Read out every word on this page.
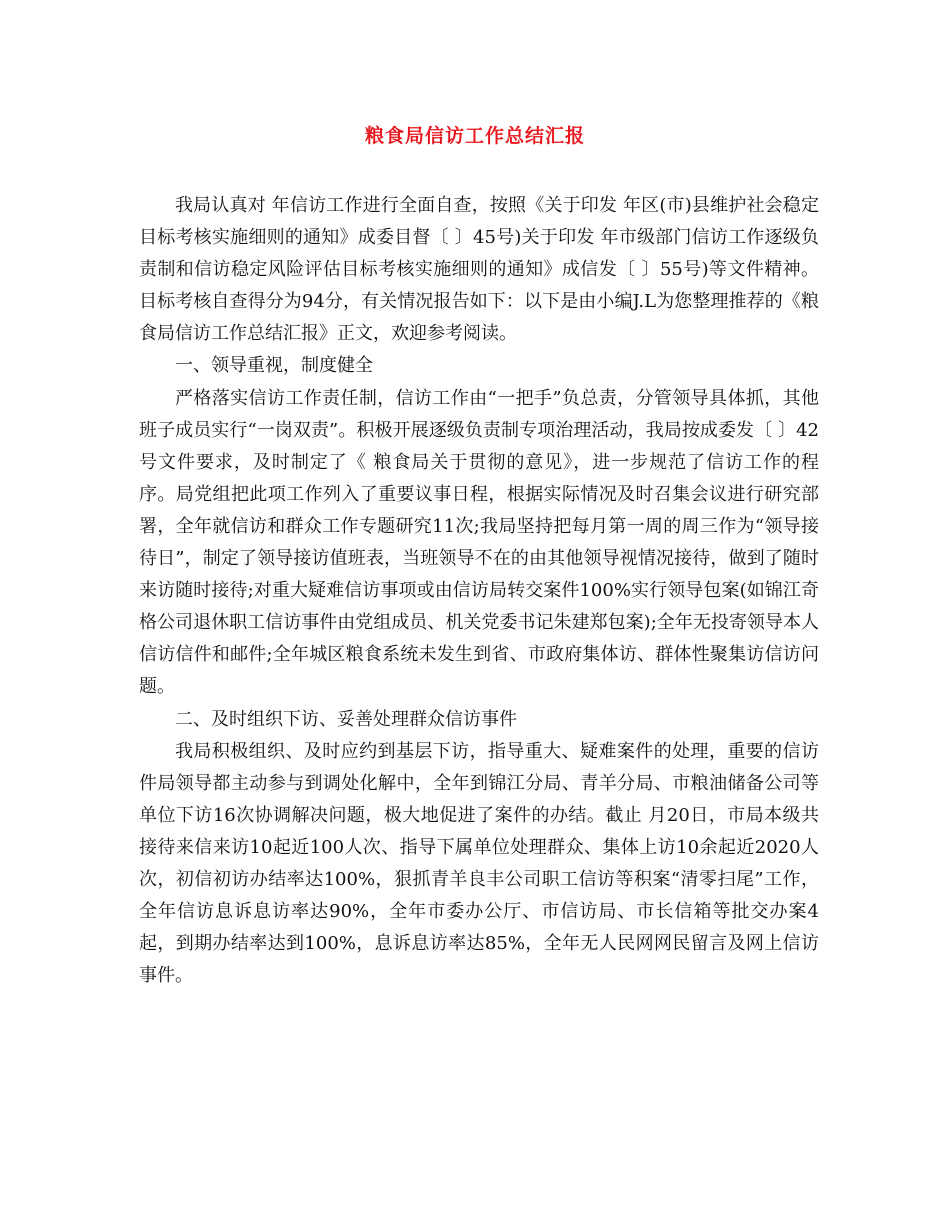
粮食局信访工作总结汇报

我局认真对 年信访工作进行全面自查，按照《关于印发 年区(市)县维护社会稳定目标考核实施细则的通知》成委目督〔 〕45号)关于印发 年市级部门信访工作逐级负责制和信访稳定风险评估目标考核实施细则的通知》成信发〔 〕55号)等文件精神。目标考核自查得分为94分，有关情况报告如下：以下是由小编J.L为您整理推荐的《粮食局信访工作总结汇报》正文，欢迎参考阅读。

一、领导重视，制度健全

严格落实信访工作责任制，信访工作由“一把手”负总责，分管领导具体抓，其他班子成员实行“一岗双责”。积极开展逐级负责制专项治理活动，我局按成委发〔 〕42号文件要求，及时制定了《 粮食局关于贯彻的意见》，进一步规范了信访工作的程序。局党组把此项工作列入了重要议事日程，根据实际情况及时召集会议进行研究部署，全年就信访和群众工作专题研究11次;我局坚持把每月第一周的周三作为“领导接待日”，制定了领导接访值班表，当班领导不在的由其他领导视情况接待，做到了随时来访随时接待;对重大疑难信访事项或由信访局转交案件100%实行领导包案(如锦江奇格公司退休职工信访事件由党组成员、机关党委书记朱建郑包案);全年无投寄领导本人信访信件和邮件;全年城区粮食系统未发生到省、市政府集体访、群体性聚集访信访问题。

二、及时组织下访、妥善处理群众信访事件

我局积极组织、及时应约到基层下访，指导重大、疑难案件的处理，重要的信访件局领导都主动参与到调处化解中，全年到锦江分局、青羊分局、市粮油储备公司等单位下访16次协调解决问题，极大地促进了案件的办结。截止 月20日，市局本级共接待来信来访10起近100人次、指导下属单位处理群众、集体上访10余起近2020人次，初信初访办结率达100%，狠抓青羊良丰公司职工信访等积案“清零扫尾”工作，全年信访息诉息访率达90%，全年市委办公厅、市信访局、市长信箱等批交办案4起，到期办结率达到100%，息诉息访率达85%，全年无人民网网民留言及网上信访事件。
